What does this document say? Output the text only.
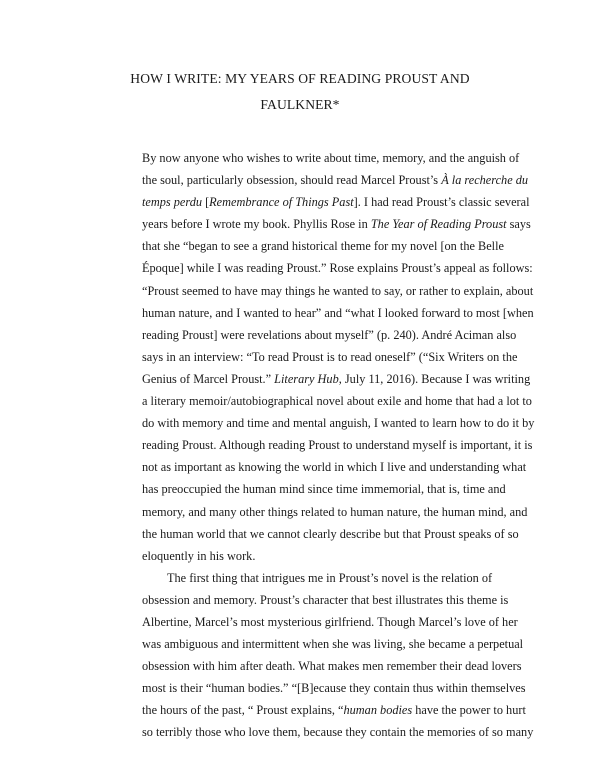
HOW I WRITE: MY YEARS OF READING PROUST AND
FAULKNER*
By now anyone who wishes to write about time, memory, and the anguish of
the soul, particularly obsession, should read Marcel Proust’s À la recherche du
temps perdu [Remembrance of Things Past]. I had read Proust’s classic several
years before I wrote my book. Phyllis Rose in The Year of Reading Proust says
that she “began to see a grand historical theme for my novel [on the Belle
Époque] while I was reading Proust.” Rose explains Proust’s appeal as follows:
“Proust seemed to have may things he wanted to say, or rather to explain, about
human nature, and I wanted to hear” and “what I looked forward to most [when
reading Proust] were revelations about myself” (p. 240). André Aciman also
says in an interview: “To read Proust is to read oneself” (“Six Writers on the
Genius of Marcel Proust.” Literary Hub, July 11, 2016). Because I was writing
a literary memoir/autobiographical novel about exile and home that had a lot to
do with memory and time and mental anguish, I wanted to learn how to do it by
reading Proust. Although reading Proust to understand myself is important, it is
not as important as knowing the world in which I live and understanding what
has preoccupied the human mind since time immemorial, that is, time and
memory, and many other things related to human nature, the human mind, and
the human world that we cannot clearly describe but that Proust speaks of so
eloquently in his work.
The first thing that intrigues me in Proust’s novel is the relation of
obsession and memory. Proust’s character that best illustrates this theme is
Albertine, Marcel’s most mysterious girlfriend. Though Marcel’s love of her
was ambiguous and intermittent when she was living, she became a perpetual
obsession with him after death. What makes men remember their dead lovers
most is their “human bodies.” “[B]ecause they contain thus within themselves
the hours of the past, “ Proust explains, “human bodies have the power to hurt
so terribly those who love them, because they contain the memories of so many
